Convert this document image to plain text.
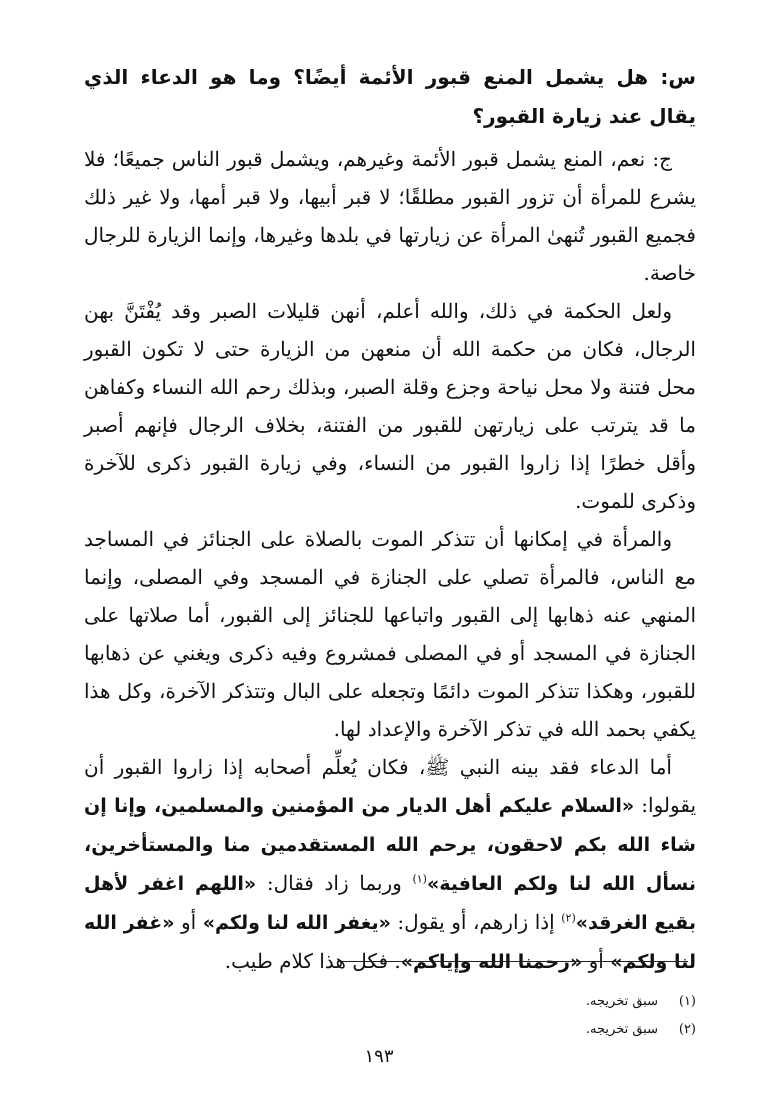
س: هل يشمل المنع قبور الأئمة أيضًا؟ وما هو الدعاء الذي يقال عند زيارة القبور؟

ج: نعم، المنع يشمل قبور الأئمة وغيرهم، ويشمل قبور الناس جميعًا؛ فلا يشرع للمرأة أن تزور القبور مطلقًا؛ لا قبر أبيها، ولا قبر أمها، ولا غير ذلك فجميع القبور تُنهىٰ المرأة عن زيارتها في بلدها وغيرها، وإنما الزيارة للرجال خاصة.

ولعل الحكمة في ذلك، والله أعلم، أنهن قليلات الصبر وقد يُفْتَنَّ بهن الرجال، فكان من حكمة الله أن منعهن من الزيارة حتى لا تكون القبور محل فتنة ولا محل نياحة وجزع وقلة الصبر، وبذلك رحم الله النساء وكفاهن ما قد يترتب على زيارتهن للقبور من الفتنة، بخلاف الرجال فإنهم أصبر وأقل خطرًا إذا زاروا القبور من النساء، وفي زيارة القبور ذكرى للآخرة وذكرى للموت.

والمرأة في إمكانها أن تتذكر الموت بالصلاة على الجنائز في المساجد مع الناس، فالمرأة تصلي على الجنازة في المسجد وفي المصلى، وإنما المنهي عنه ذهابها إلى القبور واتباعها للجنائز إلى القبور، أما صلاتها على الجنازة في المسجد أو في المصلى فمشروع وفيه ذكرى ويغني عن ذهابها للقبور، وهكذا تتذكر الموت دائمًا وتجعله على البال وتتذكر الآخرة، وكل هذا يكفي بحمد الله في تذكر الآخرة والإعداد لها.

أما الدعاء فقد بينه النبي ﷺ، فكان يُعلِّم أصحابه إذا زاروا القبور أن يقولوا: «السلام عليكم أهل الديار من المؤمنين والمسلمين، وإنا إن شاء الله بكم لاحقون، يرحم الله المستقدمين منا والمستأخرين، نسأل الله لنا ولكم العافية»$^{(١)}$ وربما زاد فقال: «اللهم اغفر لأهل بقيع الغرقد»$^{(٢)}$ إذا زارهم، أو يقول: «يغفر الله لنا ولكم» أو «غفر الله لنا ولكم» أو «رحمنا الله وإياكم». فكل هذا كلام طيب.

(١)سبق تخريجه.
(٢)سبق تخريجه.
١٩٣
